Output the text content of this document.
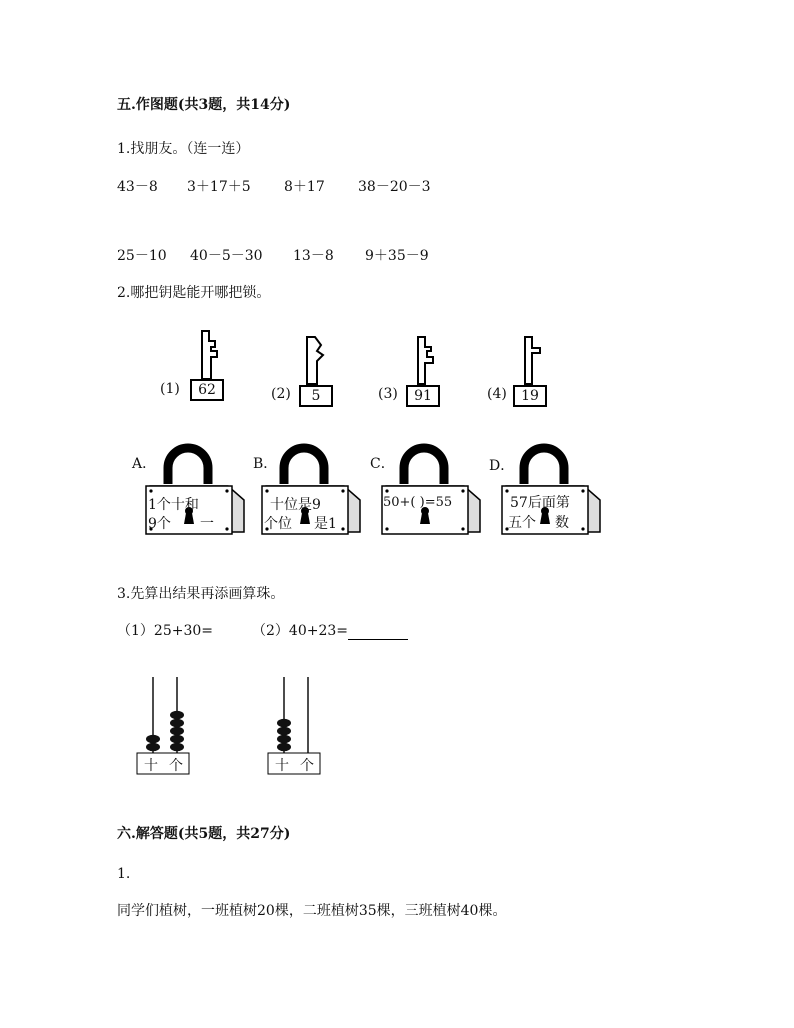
五.作图题(共3题，共14分)
1.找朋友。（连一连）
43－8 3＋17＋5 8＋17 38－20－3
25－10 40－5－30 13－8 9＋35－9
2.哪把钥匙能开哪把锁。
(1)	62	(2)	5	(3)	91	(4)	19
A．
1个十和
9个 一
B．
十位是9
个位 是1
C．
50+( )=55
D．
57后面第
五个 数
3.先算出结果再添画算珠。
（1）25+30=	（2）40+23=
十 个	十 个
六.解答题(共5题，共27分)
1.
同学们植树，一班植树20棵，二班植树35棵，三班植树40棵。
